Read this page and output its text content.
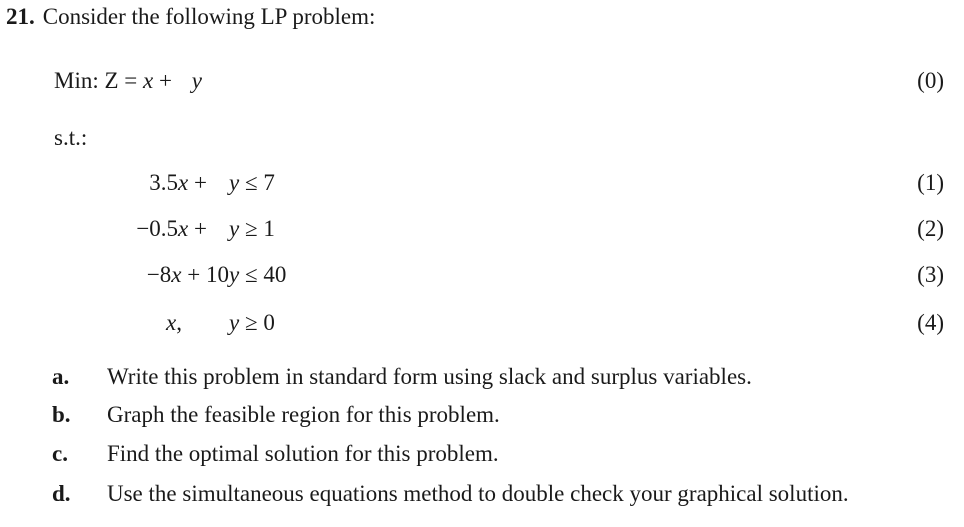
21. Consider the following LP problem:
Min: Z = x + y	(0)
s.t.:
3.5x + y ≤ 7	(1)
−0.5x + y ≥ 1	(2)
−8x + 10 y ≤ 40	(3)
x, y ≥ 0	(4)
a. Write this problem in standard form using slack and surplus variables.
b. Graph the feasible region for this problem.
c. Find the optimal solution for this problem.
d. Use the simultaneous equations method to double check your graphical solution.
